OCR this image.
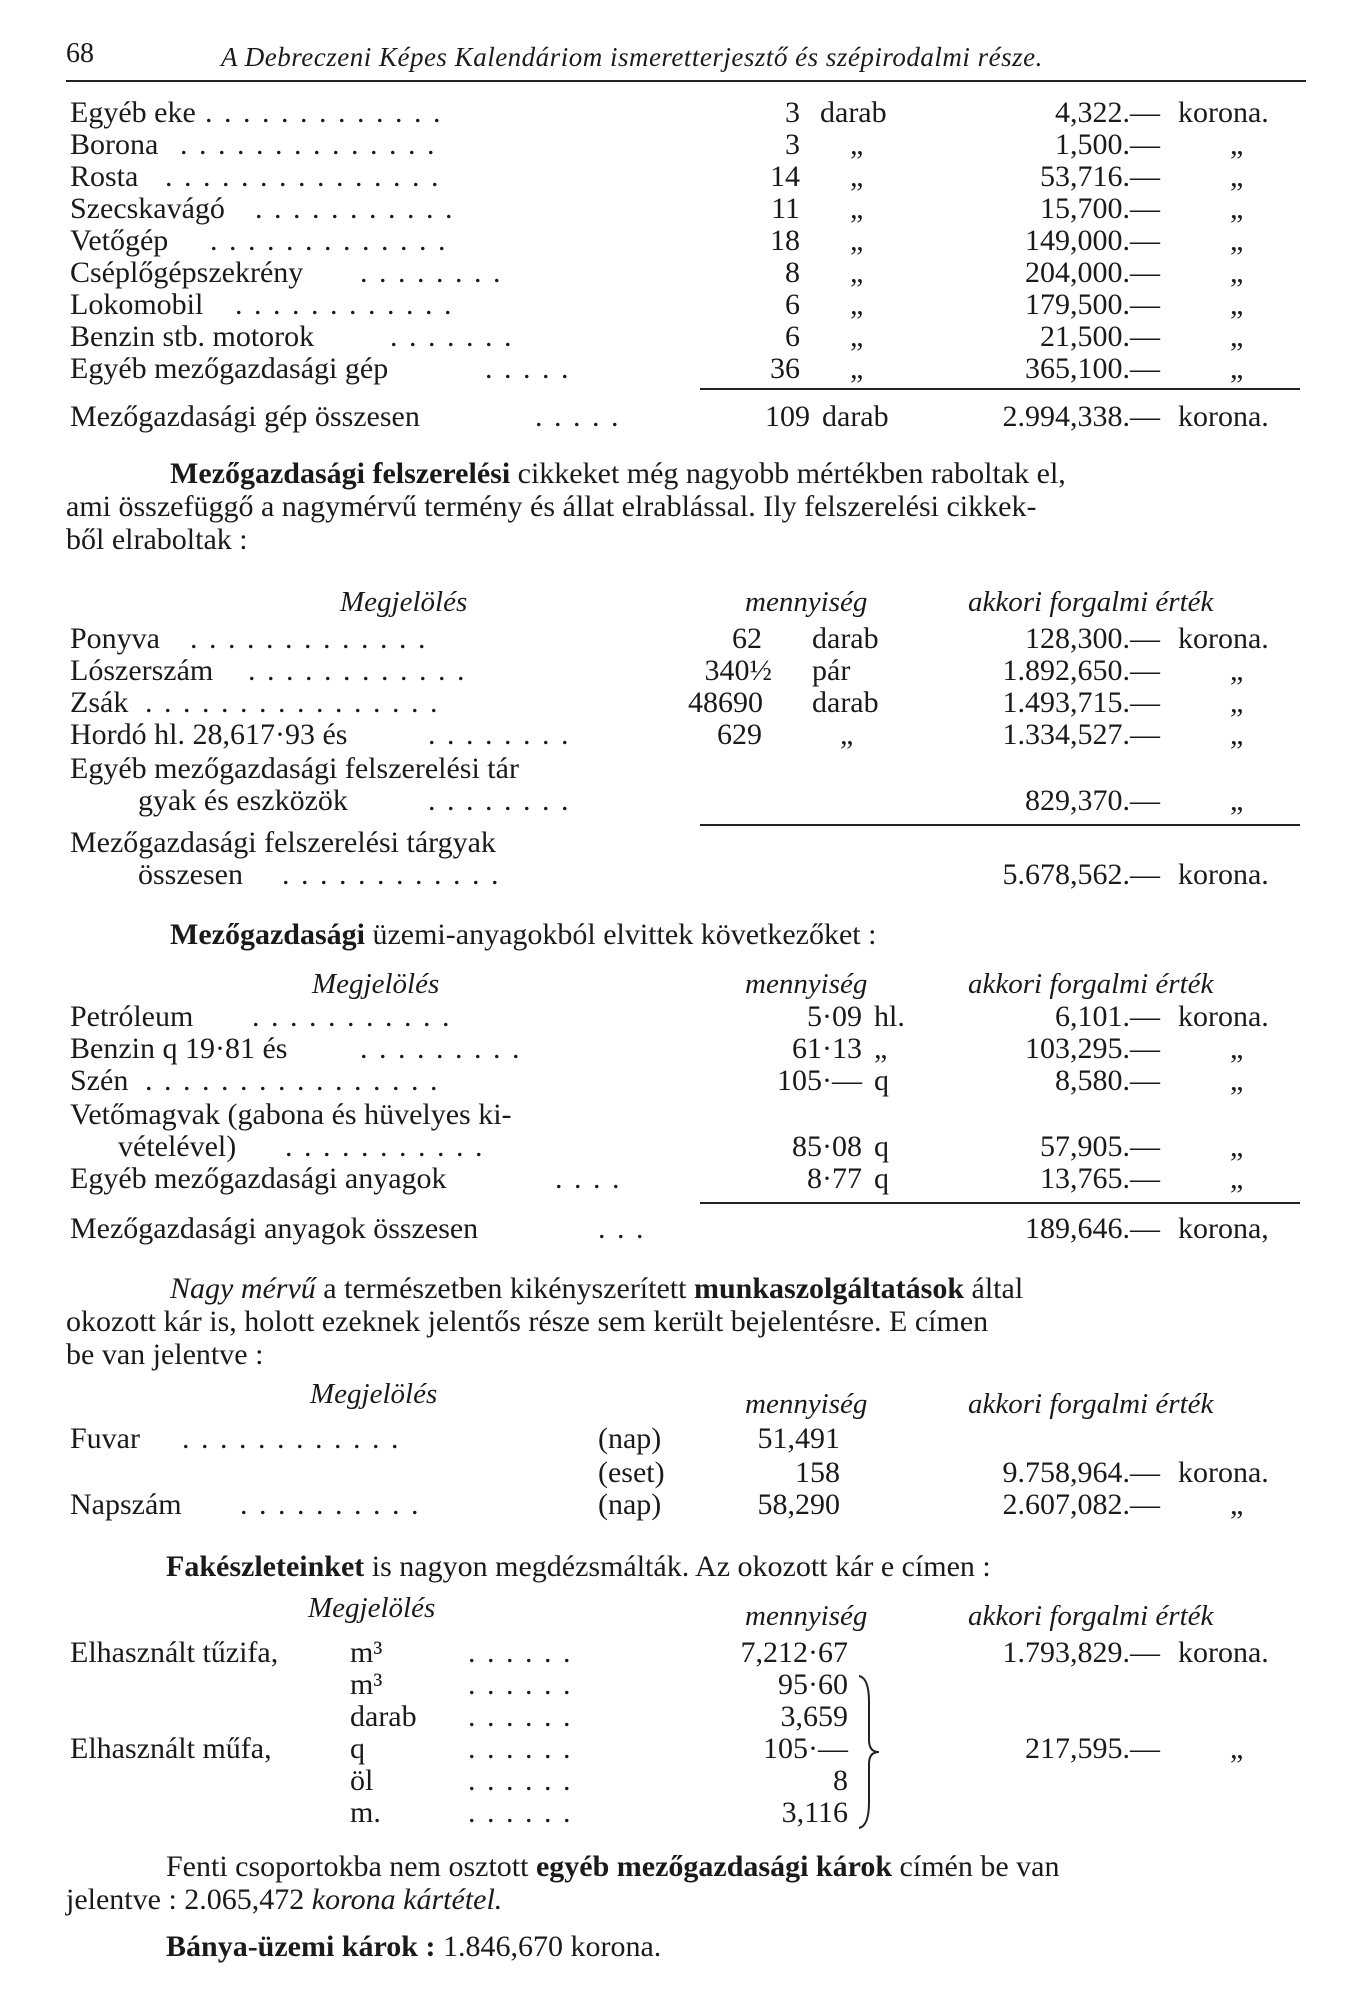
68	A Debreczeni Képes Kalendáriom ismeretterjesztő és szépirodalmi része.
Egyéb eke . . . . . . . . . . . . .	3 darab	4,322.— korona.
Borona . . . . . . . . . . . . . .	3 „	1,500.— „
Rosta . . . . . . . . . . . . . . .	14 „	53,716.— „
Szecskavágó . . . . . . . . . . .	11 „	15,700.— „
Vetőgép . . . . . . . . . . . . .	18 „	149,000.— „
Cséplőgépszekrény . . . . . . . .	8 „	204,000.— „
Lokomobil . . . . . . . . . . . .	6 „	179,500.— „
Benzin stb. motorok	. . . . . . .	6 „	21,500.— „
Egyéb mezőgazdasági gép	. . . . .	36 „	365,100.— „
Mezőgazdasági gép összesen	. . . . .	109 darab	2.994,338.— korona.
Mezőgazdasági felszerelési cikkeket még nagyobb mértékben raboltak el,
ami összefüggő a nagymérvű termény és állat elrablással. Ily felszerelési cikkek-
ből elraboltak :
Megjelölés	mennyiség	akkori forgalmi érték
Ponyva . . . . . . . . . . . . .	62 darab	128,300.— korona.
Lószerszám . . . . . . . . . . . .	340½ pár	1.892,650.— „
Zsák . . . . . . . . . . . . . . . .	48690 darab	1.493,715.— „
Hordó hl. 28,617·93 és	. . . . . . . .	629	„	1.334,527.— „
Egyéb mezőgazdasági felszerelési tár
gyak és eszközök	. . . . . . . .	829,370.— „
Mezőgazdasági felszerelési tárgyak
összesen . . . . . . . . . . . .	5.678,562.— korona.
Mezőgazdasági üzemi-anyagokból elvittek következőket :
Megjelölés	mennyiség	akkori forgalmi érték
Petróleum . . . . . . . . . . .	5·09 hl.	6,101.— korona.
Benzin q 19·81 és . . . . . . . . .	61·13 „	103,295.— „
Szén . . . . . . . . . . . . . . . .	105·— q	8,580.— „
Vetőmagvak (gabona és hüvelyes ki-
vételével) . . . . . . . . . . .	85·08 q	57,905.— „
Egyéb mezőgazdasági anyagok	. . . .	8·77 q	13,765.— „
Mezőgazdasági anyagok összesen	. . .	189,646.— korona,
Nagy mérvű a természetben kikényszerített munkaszolgáltatások által
okozott kár is, holott ezeknek jelentős része sem került bejelentésre. E címen
be van jelentve :
Megjelölés	mennyiség	akkori forgalmi érték
Fuvar . . . . . . . . . . . .	(nap)	51,491
(eset)	158	9.758,964.— korona.
Napszám . . . . . . . . . .	(nap)	58,290	2.607,082.— „
Fakészleteinket is nagyon megdézsmálták. Az okozott kár e címen :
Megjelölés	mennyiség	akkori forgalmi érték
Elhasznált tűzifa, m³	. . . . . .	7,212·67	1.793,829.— korona.
m³	. . . . . .	95·60
darab . . . . . .	3,659
Elhasznált műfa,	q	. . . . . .	105·—	217,595.— „
öl	. . . . . .	8
m.	. . . . . .	3,116
Fenti csoportokba nem osztott egyéb mezőgazdasági károk címén be van
jelentve : 2.065,472 korona kártétel.
Bánya-üzemi károk : 1.846,670 korona.
